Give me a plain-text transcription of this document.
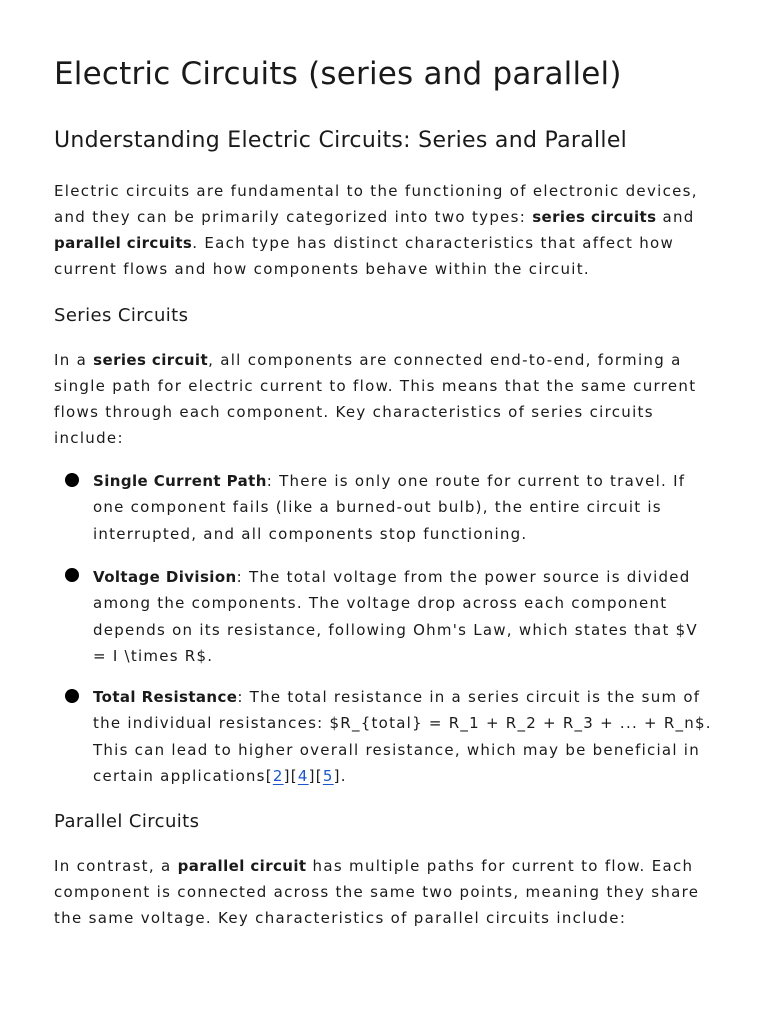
Electric Circuits (series and parallel)
Understanding Electric Circuits: Series and Parallel

Electric circuits are fundamental to the functioning of electronic devices, and they can be primarily categorized into two types: series circuits and parallel circuits. Each type has distinct characteristics that affect how current flows and how components behave within the circuit.

Series Circuits

In a series circuit, all components are connected end-to-end, forming a single path for electric current to flow. This means that the same current flows through each component. Key characteristics of series circuits include:

Single Current Path: There is only one route for current to travel. If one component fails (like a burned-out bulb), the entire circuit is interrupted, and all components stop functioning.

Voltage Division: The total voltage from the power source is divided among the components. The voltage drop across each component depends on its resistance, following Ohm's Law, which states that $V = I \times R$.

Total Resistance: The total resistance in a series circuit is the sum of the individual resistances: $R_{total} = R_1 + R_2 + R_3 + ... + R_n$. This can lead to higher overall resistance, which may be beneficial in certain applications[2][4][5].

Parallel Circuits

In contrast, a parallel circuit has multiple paths for current to flow. Each component is connected across the same two points, meaning they share the same voltage. Key characteristics of parallel circuits include:
